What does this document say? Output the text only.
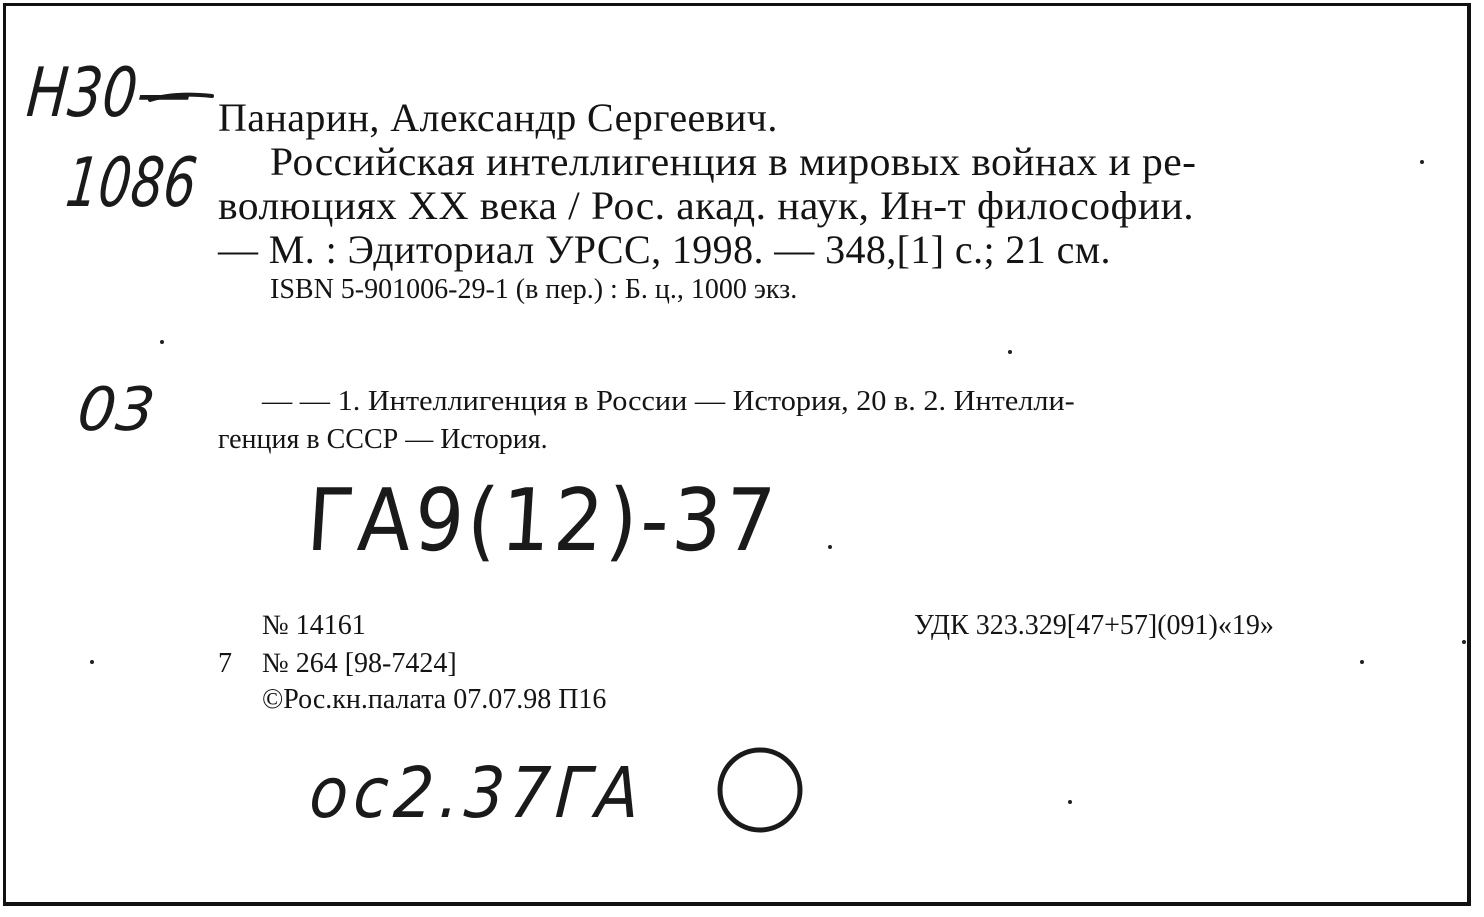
Н30—
1086
Панарин, Александр Сергеевич.
Российская интеллигенция в мировых войнах и ре-
волюциях XX века / Рос. акад. наук, Ин-т философии.
— М. : Эдиториал УРСС, 1998. — 348,[1] с.; 21 см.
ISBN 5-901006-29-1 (в пер.) : Б. ц., 1000 экз.
03	— — 1. Интеллигенция в России — История, 20 в. 2. Интелли-
генция в СССР — История.
ГА9(12)-37
№ 14161	УДК 323.329[47+57](091)«19»
7 № 264 [98-7424]
©Рос.кн.палата 07.07.98 П16
ос2.37ГА
